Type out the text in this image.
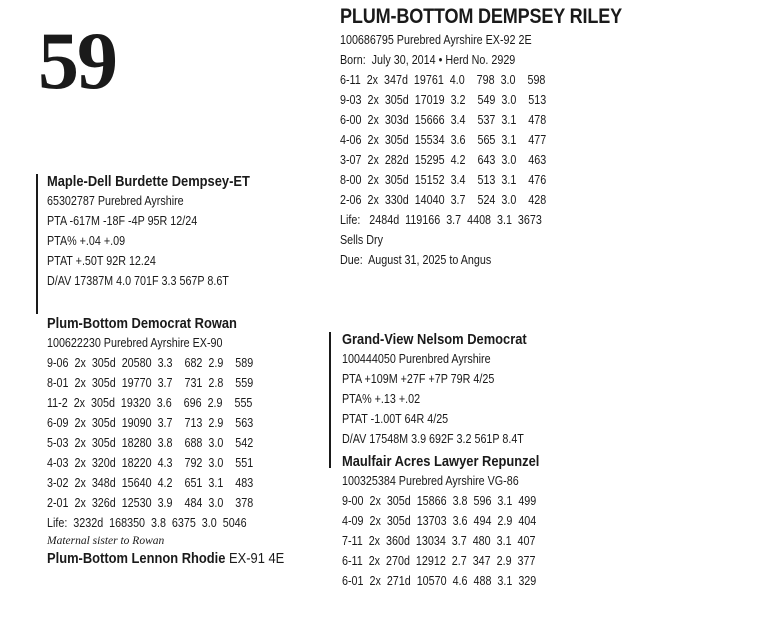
59	PLUM-BOTTOM DEMPSEY RILEY
100686795 Purebred Ayrshire EX-92 2E
Born:  July 30, 2014 • Herd No. 2929
6-11  2x  347d  19761  4.0    798  3.0    598
9-03  2x  305d  17019  3.2    549  3.0    513
6-00  2x  303d  15666  3.4    537  3.1    478
4-06  2x  305d  15534  3.6    565  3.1    477
3-07  2x  282d  15295  4.2    643  3.0    463
8-00  2x  305d  15152  3.4    513  3.1    476
2-06  2x  330d  14040  3.7    524  3.0    428
Life:   2484d  119166  3.7  4408  3.1  3673
Sells Dry
Due:  August 31, 2025 to Angus
Maple-Dell Burdette Dempsey-ET
65302787 Purebred Ayrshire
PTA -617M -18F -4P 95R 12/24
PTA% +.04 +.09
PTAT +.50T 92R 12.24
D/AV 17387M 4.0 701F 3.3 567P 8.6T
Plum-Bottom Democrat Rowan
100622230 Purebred Ayrshire EX-90
9-06  2x  305d  20580  3.3    682  2.9    589
8-01  2x  305d  19770  3.7    731  2.8    559
11-2  2x  305d  19320  3.6    696  2.9    555
6-09  2x  305d  19090  3.7    713  2.9    563
5-03  2x  305d  18280  3.8    688  3.0    542
4-03  2x  320d  18220  4.3    792  3.0    551
3-02  2x  348d  15640  4.2    651  3.1    483
2-01  2x  326d  12530  3.9    484  3.0    378
Life:  3232d  168350  3.8  6375  3.0  5046
Maternal sister to Rowan
Plum-Bottom Lennon Rhodie EX-91 4E
Grand-View Nelsom Democrat
100444050 Purenbred Ayrshire
PTA +109M +27F +7P 79R 4/25
PTA% +.13 +.02
PTAT -1.00T 64R 4/25
D/AV 17548M 3.9 692F 3.2 561P 8.4T
Maulfair Acres Lawyer Repunzel
100325384 Purebred Ayrshire VG-86
9-00  2x  305d  15866  3.8  596  3.1  499
4-09  2x  305d  13703  3.6  494  2.9  404
7-11  2x  360d  13034  3.7  480  3.1  407
6-11  2x  270d  12912  2.7  347  2.9  377
6-01  2x  271d  10570  4.6  488  3.1  329
